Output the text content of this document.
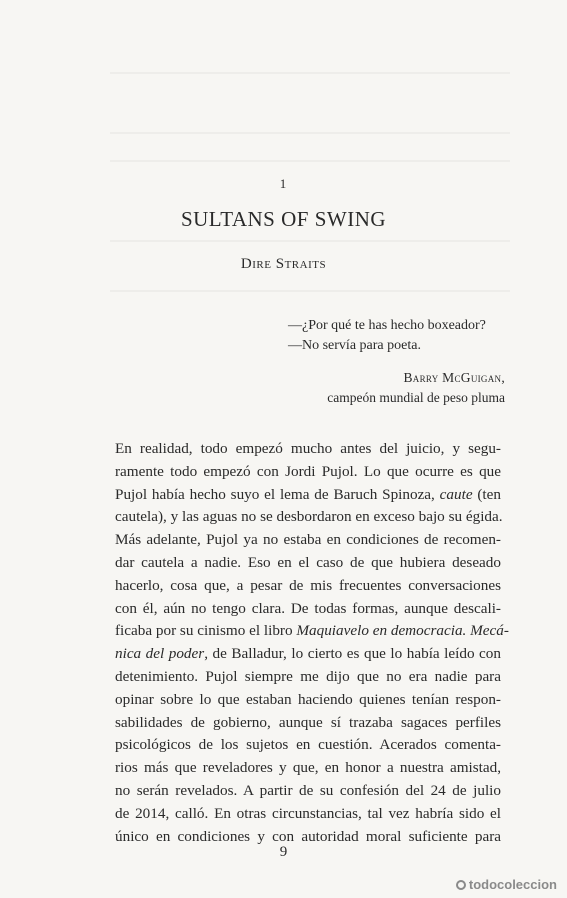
1
SULTANS OF SWING
Dire Straits
—¿Por qué te has hecho boxeador?
—No servía para poeta.
Barry McGuigan,
campeón mundial de peso pluma
En realidad, todo empezó mucho antes del juicio, y segu-
ramente todo empezó con Jordi Pujol. Lo que ocurre es que
Pujol había hecho suyo el lema de Baruch Spinoza, caute (ten
cautela), y las aguas no se desbordaron en exceso bajo su égida.
Más adelante, Pujol ya no estaba en condiciones de recomen-
dar cautela a nadie. Eso en el caso de que hubiera deseado
hacerlo, cosa que, a pesar de mis frecuentes conversaciones
con él, aún no tengo clara. De todas formas, aunque descali-
ficaba por su cinismo el libro Maquiavelo en democracia. Mecá-
nica del poder, de Balladur, lo cierto es que lo había leído con
detenimiento. Pujol siempre me dijo que no era nadie para
opinar sobre lo que estaban haciendo quienes tenían respon-
sabilidades de gobierno, aunque sí trazaba sagaces perfiles
psicológicos de los sujetos en cuestión. Acerados comenta-
rios más que reveladores y que, en honor a nuestra amistad,
no serán revelados. A partir de su confesión del 24 de julio
de 2014, calló. En otras circunstancias, tal vez habría sido el
único en condiciones y con autoridad moral suficiente para
9
todocoleccion
